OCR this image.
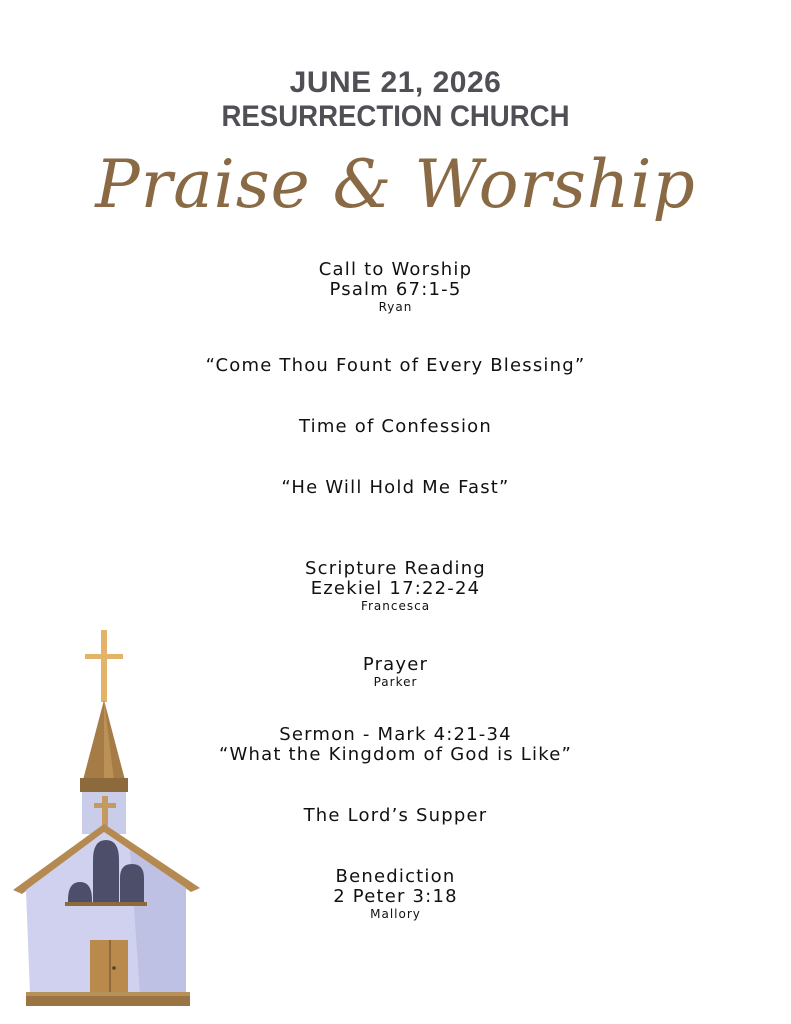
JUNE 21, 2026
RESURRECTION CHURCH
Praise & Worship
Call to Worship
Psalm 67:1-5
Ryan
“Come Thou Fount of Every Blessing”
Time of Confession
“He Will Hold Me Fast”
Scripture Reading
Ezekiel 17:22-24
Francesca
Prayer
Parker
Sermon - Mark 4:21-34
“What the Kingdom of God is Like”
The Lord’s Supper
Benediction
2 Peter 3:18
Mallory
